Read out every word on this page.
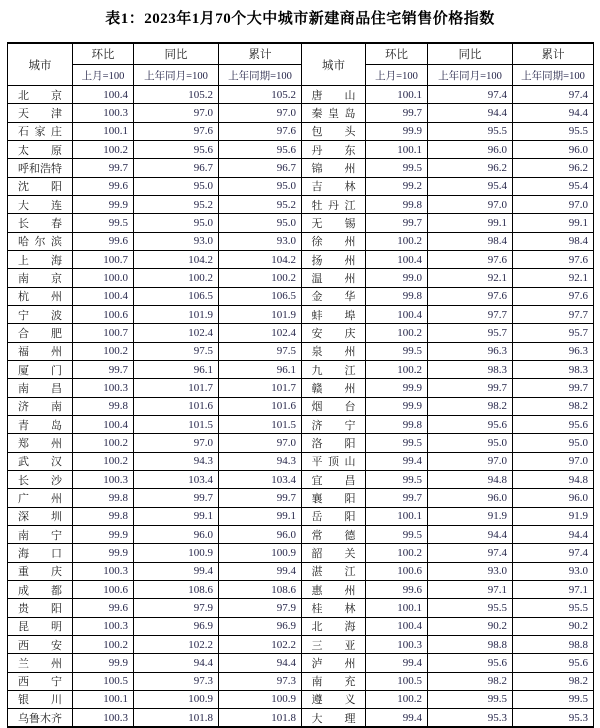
表1：2023年1月70个大中城市新建商品住宅销售价格指数
城市	环比	同比	累计	城市	环比	同比	累计
	上月=100	上年同月=100	上年同期=100		上月=100	上年同月=100	上年同期=100

北 京	100.4	105.2	105.2	唐 山	100.1	97.4	97.4

天 津	100.3	97.0	97.0	秦 皇 岛	99.7	94.4	94.4

石 家 庄	100.1	97.6	97.6	包 头	99.9	95.5	95.5

太 原	100.2	95.6	95.6	丹 东	100.1	96.0	96.0

呼 和 浩 特	99.7	96.7	96.7	锦 州	99.5	96.2	96.2

沈 阳	99.6	95.0	95.0	吉 林	99.2	95.4	95.4

大 连	99.9	95.2	95.2	牡 丹 江	99.8	97.0	97.0

长 春	99.5	95.0	95.0	无 锡	99.7	99.1	99.1

哈 尔 滨	99.6	93.0	93.0	徐 州	100.2	98.4	98.4

上 海	100.7	104.2	104.2	扬 州	100.4	97.6	97.6

南 京	100.0	100.2	100.2	温 州	99.0	92.1	92.1

杭 州	100.4	106.5	106.5	金 华	99.8	97.6	97.6

宁 波	100.6	101.9	101.9	蚌 埠	100.4	97.7	97.7

合 肥	100.7	102.4	102.4	安 庆	100.2	95.7	95.7

福 州	100.2	97.5	97.5	泉 州	99.5	96.3	96.3

厦 门	99.7	96.1	96.1	九 江	100.2	98.3	98.3

南 昌	100.3	101.7	101.7	赣 州	99.9	99.7	99.7

济 南	99.8	101.6	101.6	烟 台	99.9	98.2	98.2

青 岛	100.4	101.5	101.5	济 宁	99.8	95.6	95.6

郑 州	100.2	97.0	97.0	洛 阳	99.5	95.0	95.0

武 汉	100.2	94.3	94.3	平 顶 山	99.4	97.0	97.0

长 沙	100.3	103.4	103.4	宜 昌	99.5	94.8	94.8

广 州	99.8	99.7	99.7	襄 阳	99.7	96.0	96.0

深 圳	99.8	99.1	99.1	岳 阳	100.1	91.9	91.9

南 宁	99.9	96.0	96.0	常 德	99.5	94.4	94.4

海 口	99.9	100.9	100.9	韶 关	100.2	97.4	97.4

重 庆	100.3	99.4	99.4	湛 江	100.6	93.0	93.0

成 都	100.6	108.6	108.6	惠 州	99.6	97.1	97.1

贵 阳	99.6	97.9	97.9	桂 林	100.1	95.5	95.5

昆 明	100.3	96.9	96.9	北 海	100.4	90.2	90.2

西 安	100.2	102.2	102.2	三 亚	100.3	98.8	98.8

兰 州	99.9	94.4	94.4	泸 州	99.4	95.6	95.6

西 宁	100.5	97.3	97.3	南 充	100.5	98.2	98.2

银 川	100.1	100.9	100.9	遵 义	100.2	99.5	99.5

乌 鲁 木 齐	100.3	101.8	101.8	大 理	99.4	95.3	95.3
